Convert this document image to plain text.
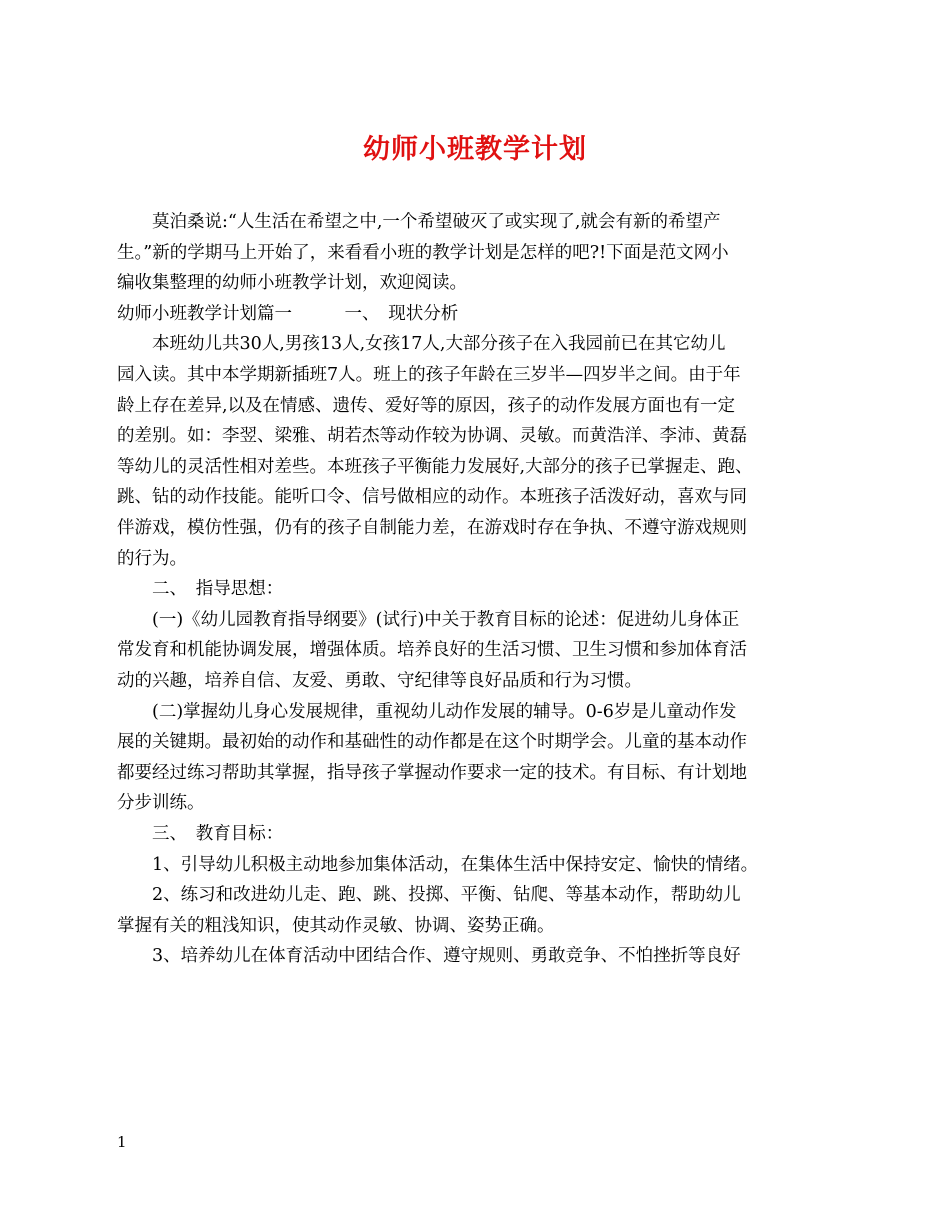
幼师小班教学计划
　　莫泊桑说:“人生活在希望之中,一个希望破灭了或实现了,就会有新的希望产
生。”新的学期马上开始了，来看看小班的教学计划是怎样的吧?!下面是范文网小
编收集整理的幼师小班教学计划，欢迎阅读。
幼师小班教学计划篇一　　　一、　现状分析
　　本班幼儿共30人,男孩13人,女孩17人,大部分孩子在入我园前已在其它幼儿
园入读。其中本学期新插班7人。班上的孩子年龄在三岁半—四岁半之间。由于年
龄上存在差异,以及在情感、遗传、爱好等的原因，孩子的动作发展方面也有一定
的差别。如：李翌、梁雅、胡若杰等动作较为协调、灵敏。而黄浩洋、李沛、黄磊
等幼儿的灵活性相对差些。本班孩子平衡能力发展好,大部分的孩子已掌握走、跑、
跳、钻的动作技能。能听口令、信号做相应的动作。本班孩子活泼好动，喜欢与同
伴游戏，模仿性强，仍有的孩子自制能力差，在游戏时存在争执、不遵守游戏规则
的行为。
　　二、　指导思想：
　　(一)《幼儿园教育指导纲要》(试行)中关于教育目标的论述：促进幼儿身体正
常发育和机能协调发展，增强体质。培养良好的生活习惯、卫生习惯和参加体育活
动的兴趣，培养自信、友爱、勇敢、守纪律等良好品质和行为习惯。
　　(二)掌握幼儿身心发展规律，重视幼儿动作发展的辅导。0-6岁是儿童动作发
展的关键期。最初始的动作和基础性的动作都是在这个时期学会。儿童的基本动作
都要经过练习帮助其掌握，指导孩子掌握动作要求一定的技术。有目标、有计划地
分步训练。
　　三、　教育目标：
　　1、引导幼儿积极主动地参加集体活动，在集体生活中保持安定、愉快的情绪。
　　2、练习和改进幼儿走、跑、跳、投掷、平衡、钻爬、等基本动作，帮助幼儿
掌握有关的粗浅知识，使其动作灵敏、协调、姿势正确。
　　3、培养幼儿在体育活动中团结合作、遵守规则、勇敢竞争、不怕挫折等良好
1
